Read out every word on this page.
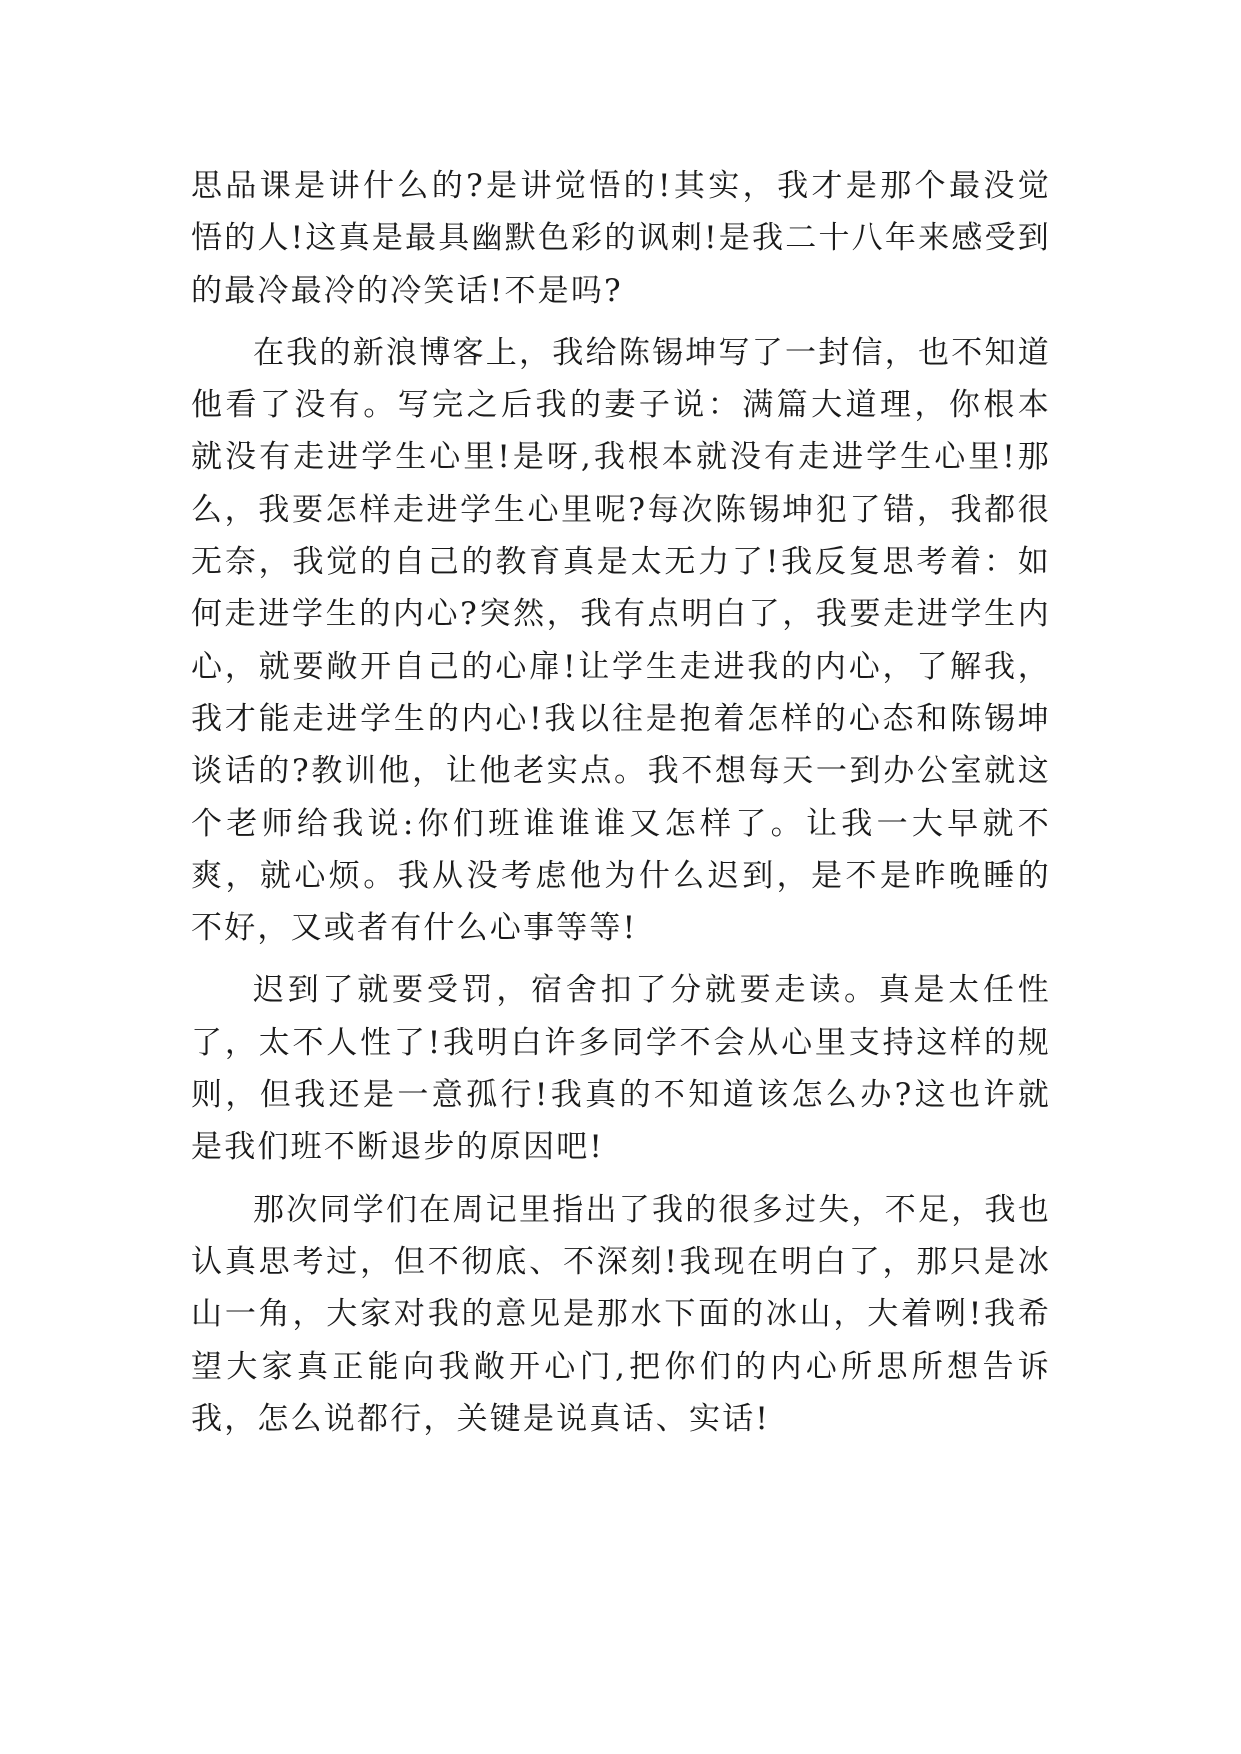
思品课是讲什么的?是讲觉悟的!其实，我才是那个最没觉悟的人!这真是最具幽默色彩的讽刺!是我二十八年来感受到的最冷最冷的冷笑话!不是吗?

在我的新浪博客上，我给陈锡坤写了一封信，也不知道他看了没有。写完之后我的妻子说：满篇大道理，你根本就没有走进学生心里!是呀,我根本就没有走进学生心里!那么，我要怎样走进学生心里呢?每次陈锡坤犯了错，我都很无奈，我觉的自己的教育真是太无力了!我反复思考着：如何走进学生的内心?突然，我有点明白了，我要走进学生内心，就要敞开自己的心扉!让学生走进我的内心，了解我，我才能走进学生的内心!我以往是抱着怎样的心态和陈锡坤谈话的?教训他，让他老实点。我不想每天一到办公室就这个老师给我说:你们班谁谁谁又怎样了。让我一大早就不爽，就心烦。我从没考虑他为什么迟到，是不是昨晚睡的不好，又或者有什么心事等等!

迟到了就要受罚，宿舍扣了分就要走读。真是太任性了，太不人性了!我明白许多同学不会从心里支持这样的规则，但我还是一意孤行!我真的不知道该怎么办?这也许就是我们班不断退步的原因吧!

那次同学们在周记里指出了我的很多过失，不足，我也认真思考过，但不彻底、不深刻!我现在明白了，那只是冰山一角，大家对我的意见是那水下面的冰山，大着咧!我希望大家真正能向我敞开心门,把你们的内心所思所想告诉我，怎么说都行，关键是说真话、实话!
